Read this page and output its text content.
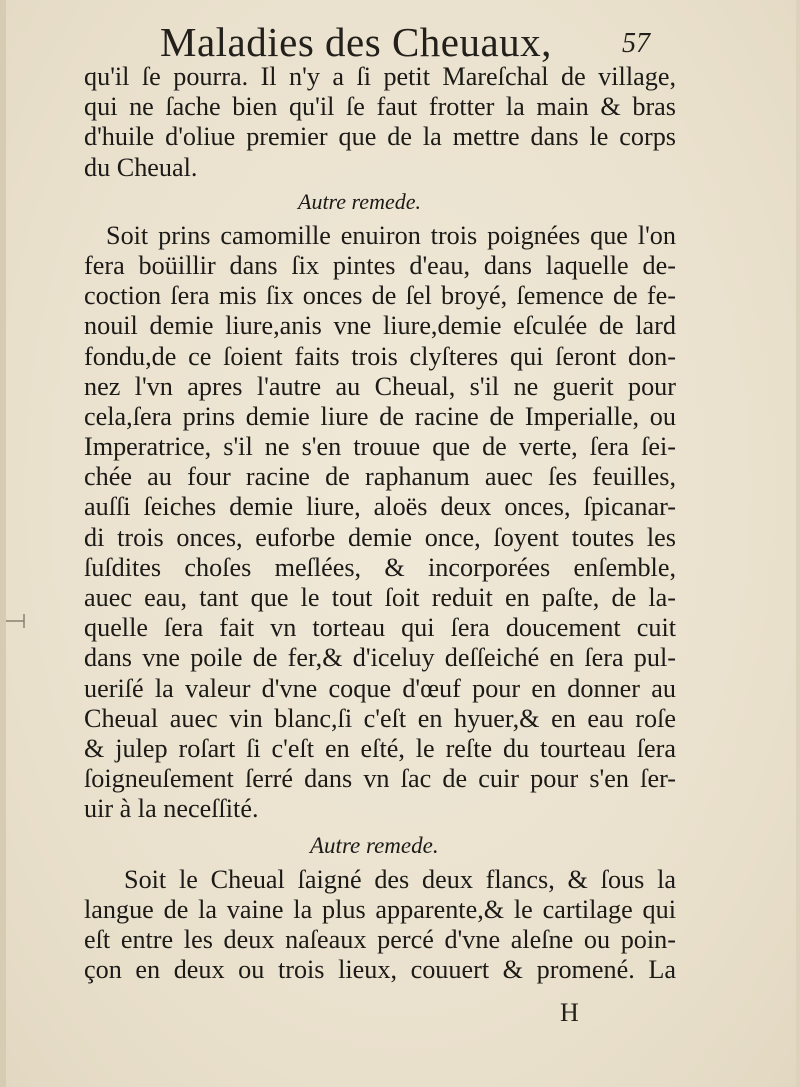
Maladies des Cheuaux,	57
qu'il ſe pourra. Il n'y a ſi petit Mareſchal de village,
qui ne ſache bien qu'il ſe faut frotter la main & bras
d'huile d'oliue premier que de la mettre dans le corps
du Cheual.
Autre remede.
Soit prins camomille enuiron trois poignées que l'on
fera boüillir dans ſix pintes d'eau, dans laquelle de-
coction ſera mis ſix onces de ſel broyé, ſemence de fe-
nouil demie liure,anis vne liure,demie eſculée de lard
fondu,de ce ſoient faits trois clyſteres qui ſeront don-
nez l'vn apres l'autre au Cheual, s'il ne guerit pour
cela,ſera prins demie liure de racine de Imperialle, ou
Imperatrice, s'il ne s'en trouue que de verte, ſera ſei-
chée au four racine de raphanum auec ſes feuilles,
auſſi ſeiches demie liure, aloës deux onces, ſpicanar-
di trois onces, euforbe demie once, ſoyent toutes les
ſuſdites choſes meſlées, & incorporées enſemble,
auec eau, tant que le tout ſoit reduit en paſte, de la-
quelle ſera fait vn torteau qui ſera doucement cuit
dans vne poile de fer,& d'iceluy deſſeiché en ſera pul-
ueriſé la valeur d'vne coque d'œuf pour en donner au
Cheual auec vin blanc,ſi c'eſt en hyuer,& en eau roſe
& julep roſart ſi c'eſt en eſté, le reſte du tourteau ſera
ſoigneuſement ſerré dans vn ſac de cuir pour s'en ſer-
uir à la neceſſité.
Autre remede.
Soit le Cheual ſaigné des deux flancs, & ſous la
langue de la vaine la plus apparente,& le cartilage qui
eſt entre les deux naſeaux percé d'vne aleſne ou poin-
çon en deux ou trois lieux, couuert & promené. La
H
